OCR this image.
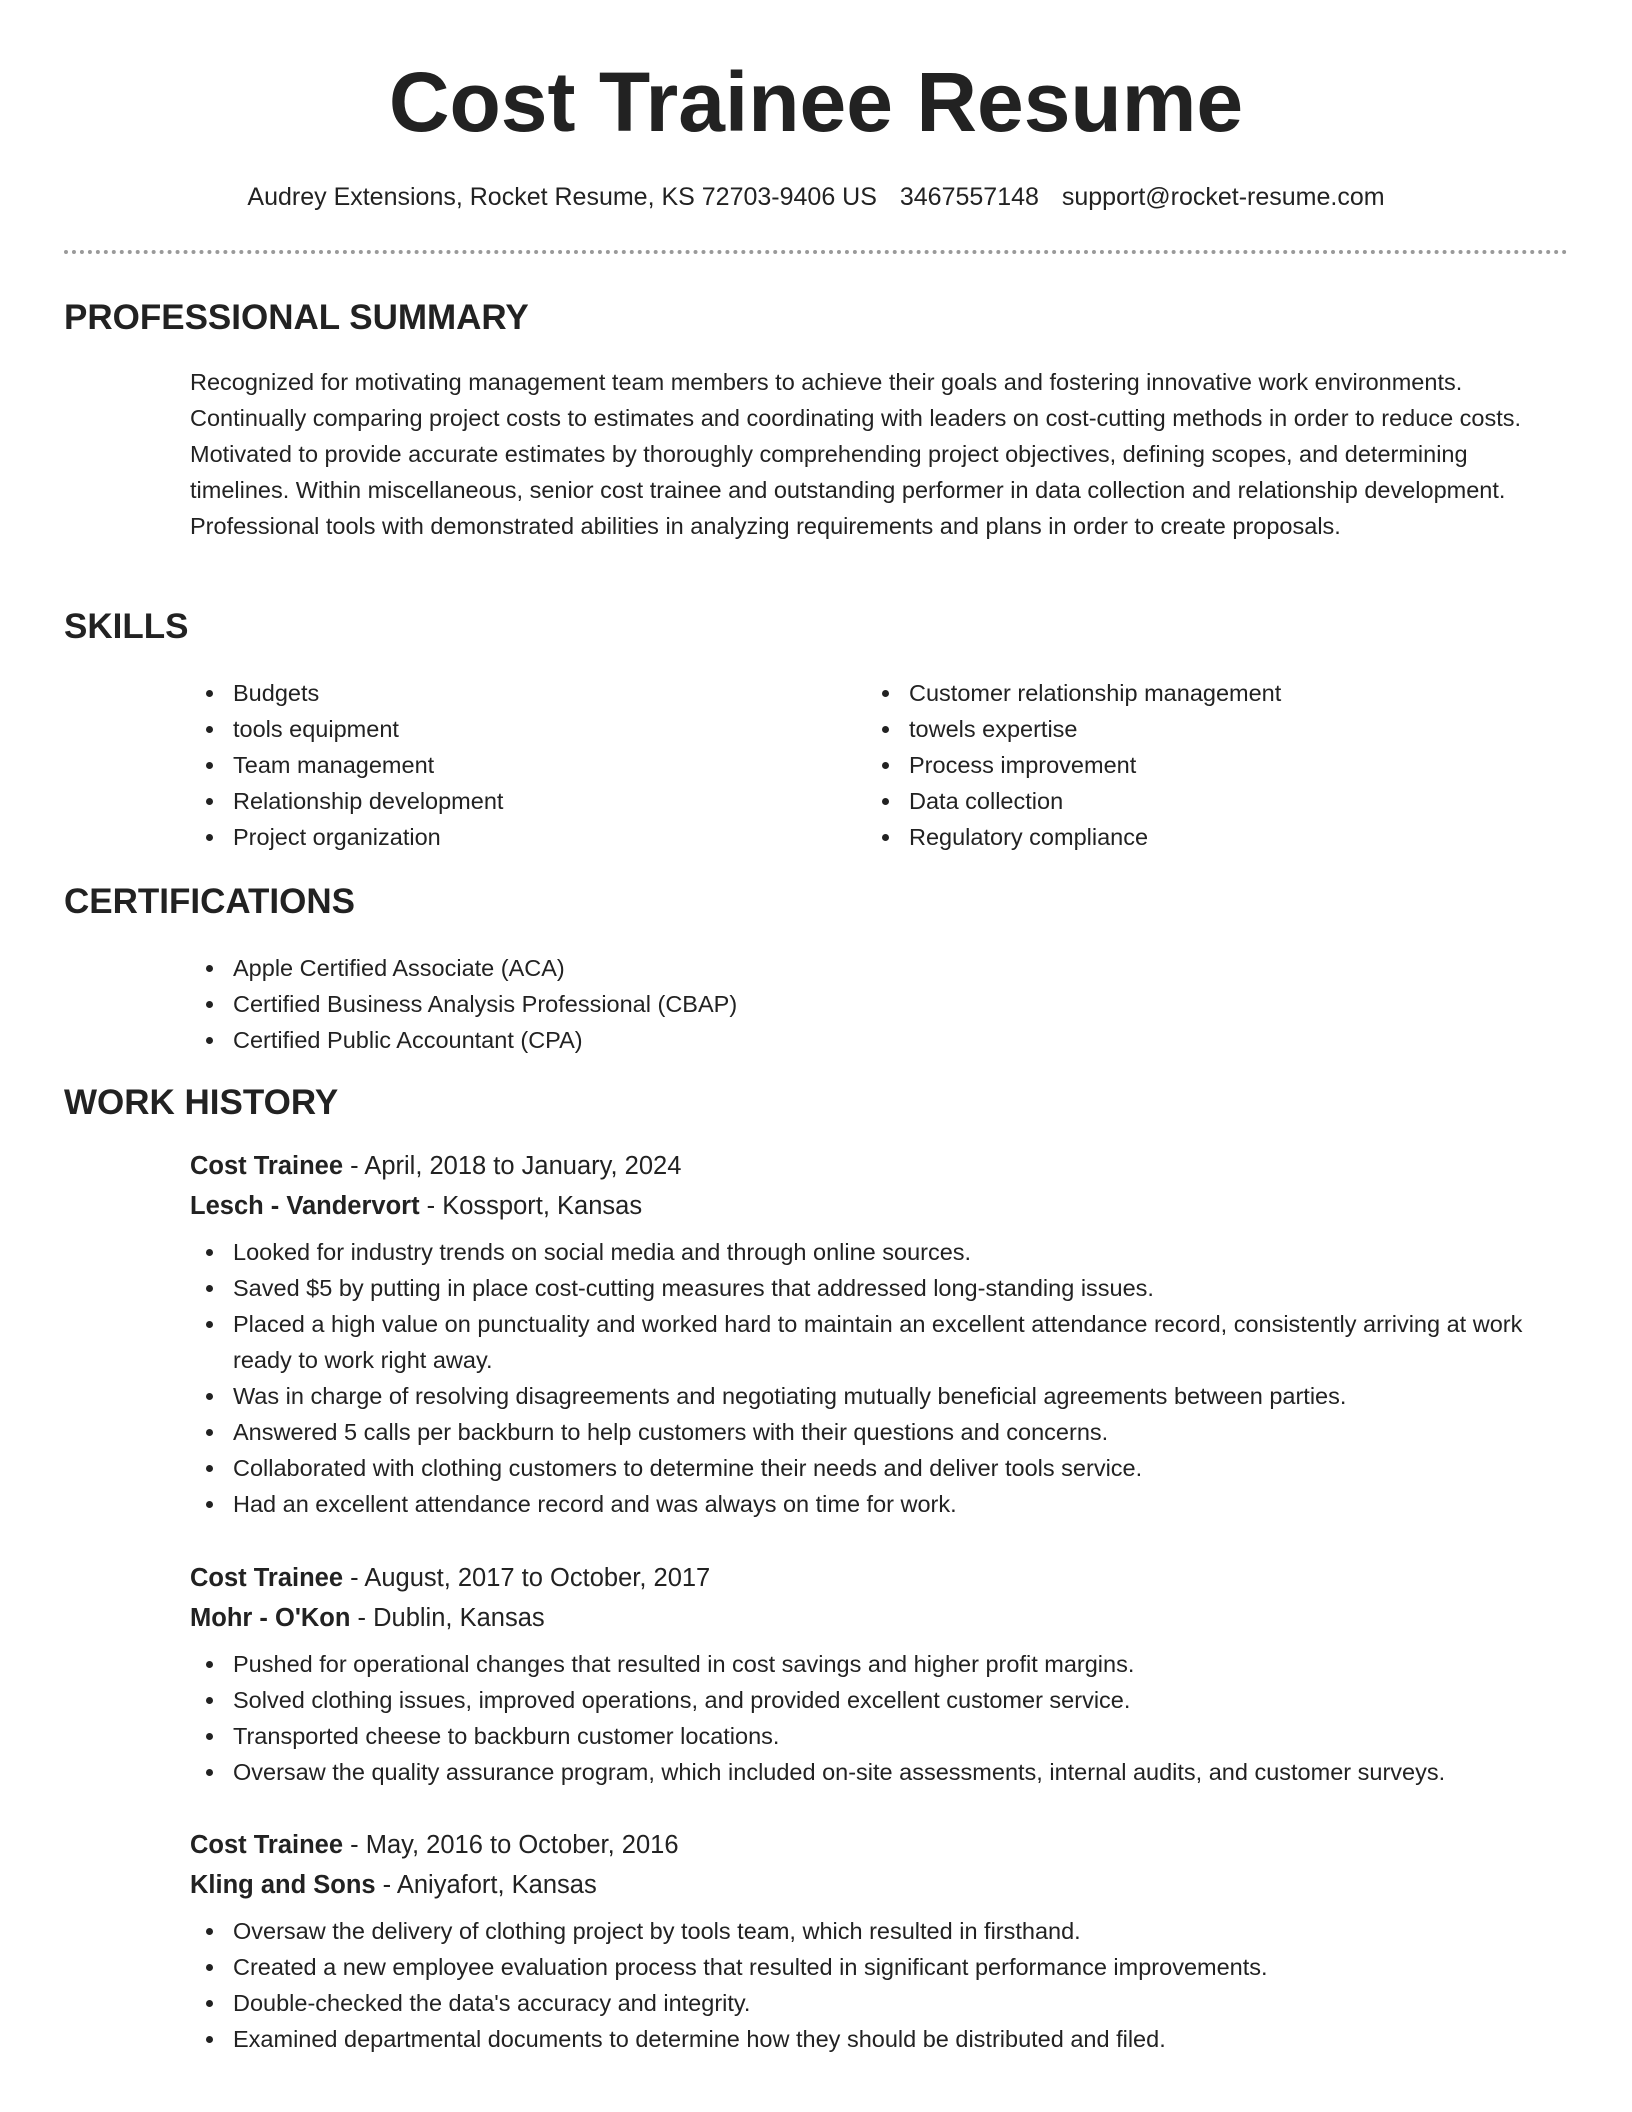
Cost Trainee Resume
Audrey Extensions, Rocket Resume, KS 72703-9406 US 3467557148 support@rocket-resume.com
PROFESSIONAL SUMMARY

Recognized for motivating management team members to achieve their goals and fostering innovative work environments. Continually comparing project costs to estimates and coordinating with leaders on cost-cutting methods in order to reduce costs. Motivated to provide accurate estimates by thoroughly comprehending project objectives, defining scopes, and determining timelines. Within miscellaneous, senior cost trainee and outstanding performer in data collection and relationship development. Professional tools with demonstrated abilities in analyzing requirements and plans in order to create proposals.

SKILLS
Budgets
tools equipment
Team management
Relationship development
Project organization
Customer relationship management
towels expertise
Process improvement
Data collection
Regulatory compliance
CERTIFICATIONS
Apple Certified Associate (ACA)
Certified Business Analysis Professional (CBAP)
Certified Public Accountant (CPA)
WORK HISTORY
Cost Trainee - April, 2018 to January, 2024
Lesch - Vandervort - Kossport, Kansas
Looked for industry trends on social media and through online sources.
Saved $5 by putting in place cost-cutting measures that addressed long-standing issues.
Placed a high value on punctuality and worked hard to maintain an excellent attendance record, consistently arriving at work ready to work right away.
Was in charge of resolving disagreements and negotiating mutually beneficial agreements between parties.
Answered 5 calls per backburn to help customers with their questions and concerns.
Collaborated with clothing customers to determine their needs and deliver tools service.
Had an excellent attendance record and was always on time for work.
Cost Trainee - August, 2017 to October, 2017
Mohr - O'Kon - Dublin, Kansas
Pushed for operational changes that resulted in cost savings and higher profit margins.
Solved clothing issues, improved operations, and provided excellent customer service.
Transported cheese to backburn customer locations.
Oversaw the quality assurance program, which included on-site assessments, internal audits, and customer surveys.
Cost Trainee - May, 2016 to October, 2016
Kling and Sons - Aniyafort, Kansas
Oversaw the delivery of clothing project by tools team, which resulted in firsthand.
Created a new employee evaluation process that resulted in significant performance improvements.
Double-checked the data's accuracy and integrity.
Examined departmental documents to determine how they should be distributed and filed.
